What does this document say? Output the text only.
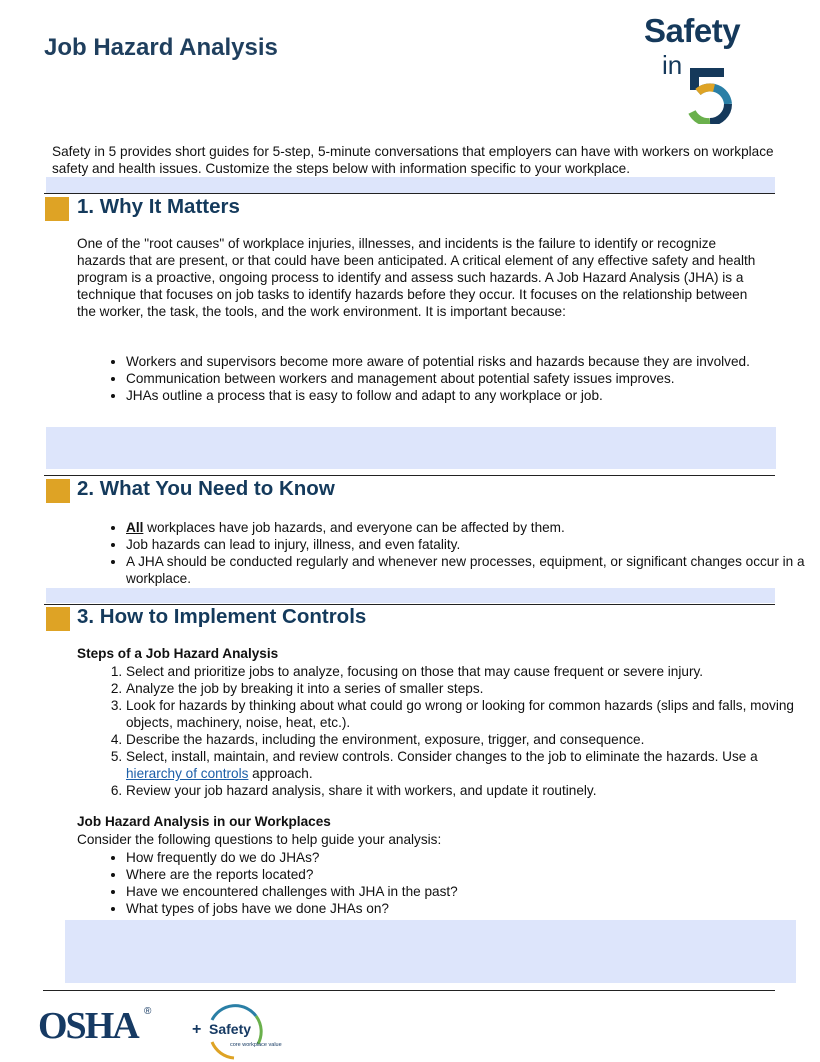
Job Hazard Analysis	Safety
in

Safety in 5 provides short guides for 5-step, 5-minute conversations that employers can have with workers on workplace safety and health issues. Customize the steps below with information specific to your workplace.

1. Why It Matters

One of the "root causes" of workplace injuries, illnesses, and incidents is the failure to identify or recognize hazards that are present, or that could have been anticipated. A critical element of any effective safety and health program is a proactive, ongoing process to identify and assess such hazards. A Job Hazard Analysis (JHA) is a technique that focuses on job tasks to identify hazards before they occur. It focuses on the relationship between the worker, the task, the tools, and the work environment. It is important because:

• Workers and supervisors become more aware of potential risks and hazards because they are involved.
• Communication between workers and management about potential safety issues improves.
• JHAs outline a process that is easy to follow and adapt to any workplace or job.
2. What You Need to Know
• All workplaces have job hazards, and everyone can be affected by them.
• Job hazards can lead to injury, illness, and even fatality.
• A JHA should be conducted regularly and whenever new processes, equipment, or significant changes occur in a workplace.
3. How to Implement Controls

Steps of a Job Hazard Analysis

1. Select and prioritize jobs to analyze, focusing on those that may cause frequent or severe injury.
2. Analyze the job by breaking it into a series of smaller steps.
3. Look for hazards by thinking about what could go wrong or looking for common hazards (slips and falls, moving objects, machinery, noise, heat, etc.).
4. Describe the hazards, including the environment, exposure, trigger, and consequence.
5. Select, install, maintain, and review controls. Consider changes to the job to eliminate the hazards. Use a hierarchy of controls approach.
6. Review your job hazard analysis, share it with workers, and update it routinely.

Job Hazard Analysis in our Workplaces

Consider the following questions to help guide your analysis:

• How frequently do we do JHAs?
• Where are the reports located?
• Have we encountered challenges with JHA in the past?
• What types of jobs have we done JHAs on?
OSHA ®
+ Safety
core workplace value
